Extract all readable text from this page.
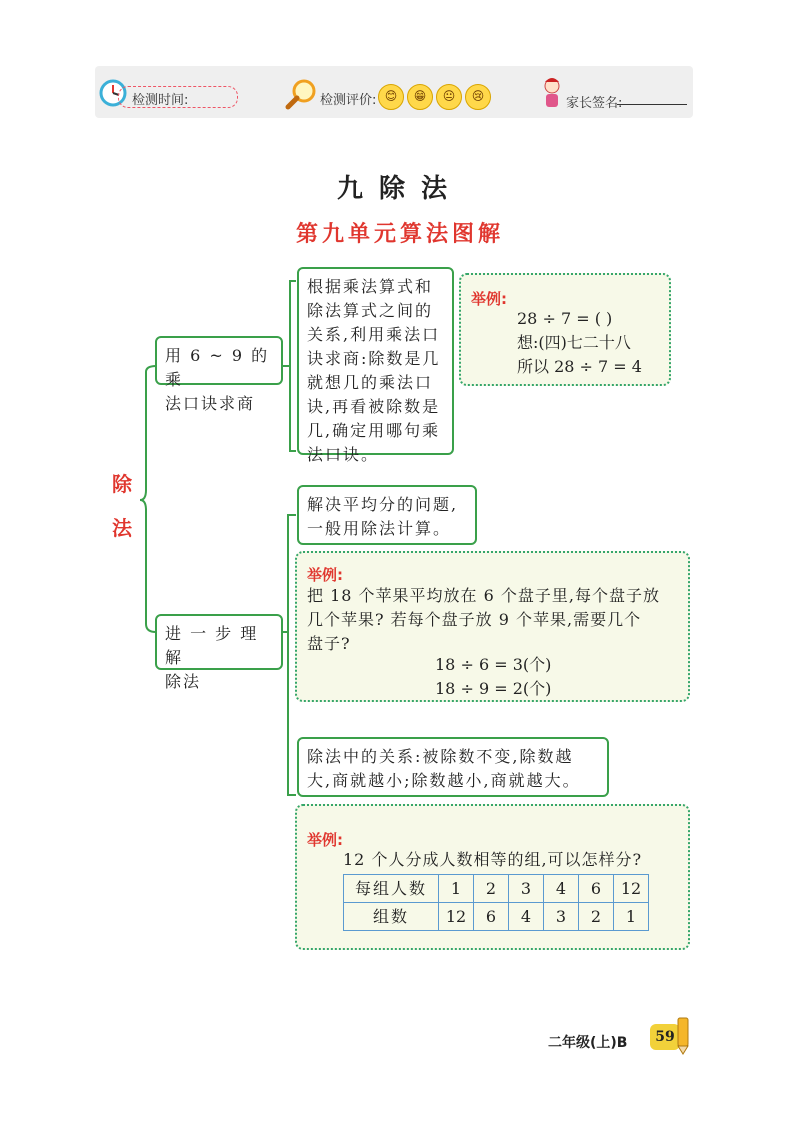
检测时间:	检测评价: 😊	😁	😐	😢	家长签名:
九除法
第九单元算法图解
除
法
用 6 ~ 9 的乘
法口诀求商
根据乘法算式和
除法算式之间的
关系,利用乘法口
诀求商:除数是几
就想几的乘法口
诀,再看被除数是
几,确定用哪句乘
法口诀。
举例:
28 ÷ 7 = ( )
想:(四)七二十八
所以 28 ÷ 7 = 4
进 一 步 理 解
除法
解决平均分的问题,
一般用除法计算。
举例:
把 18 个苹果平均放在 6 个盘子里,每个盘子放
几个苹果? 若每个盘子放 9 个苹果,需要几个
盘子?
18 ÷ 6 = 3(个)
18 ÷ 9 = 2(个)
除法中的关系:被除数不变,除数越
大,商就越小;除数越小,商就越大。
举例:
12 个人分成人数相等的组,可以怎样分?
每组人数	1	2	3	4	6	12
组数	12	6	4	3	2	1
二年级(上)B	59
